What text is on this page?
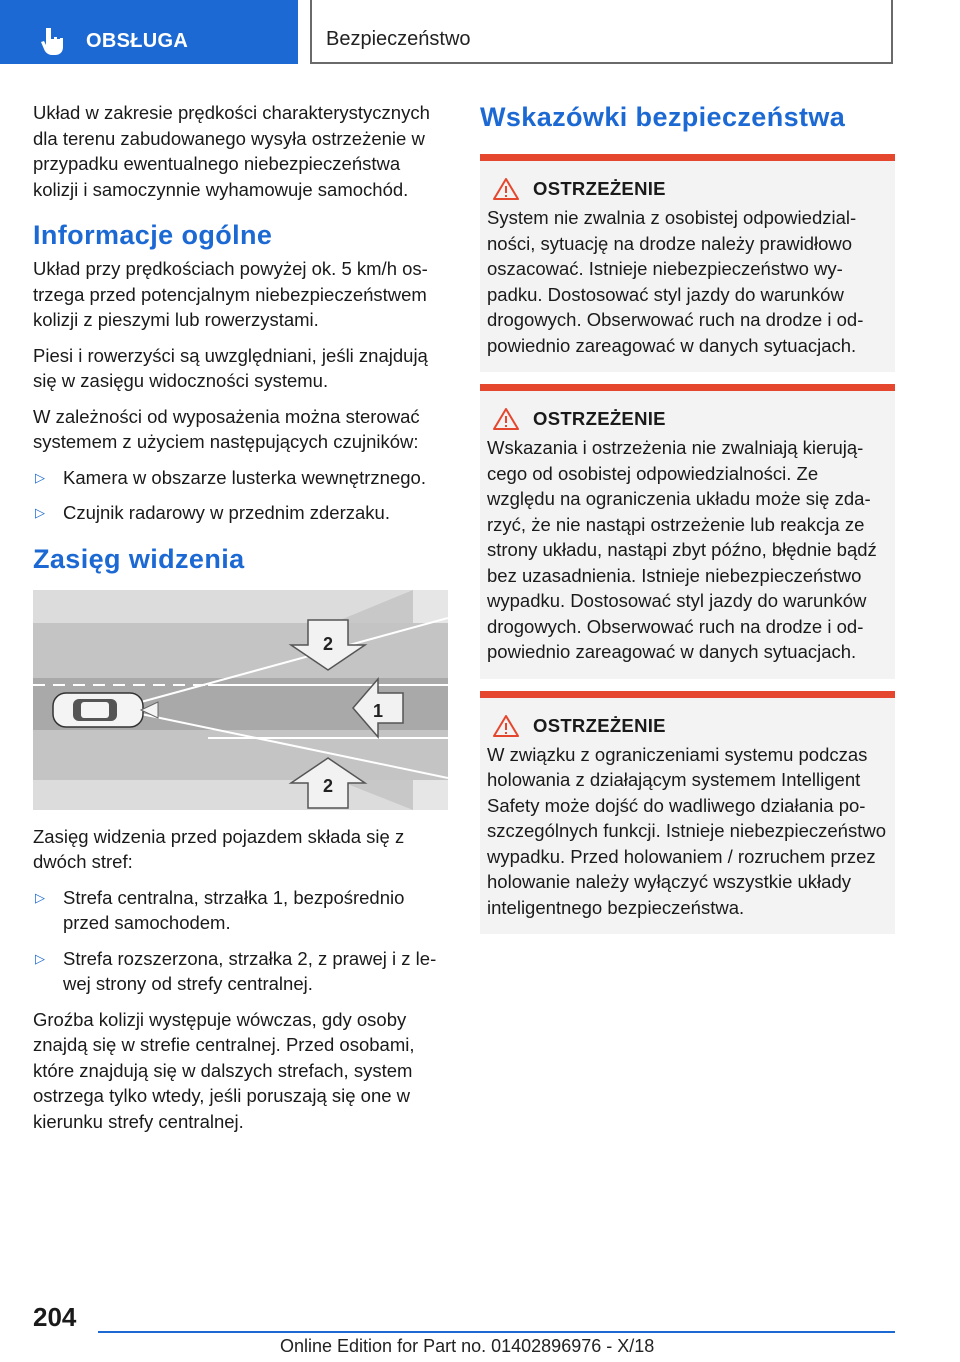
OBSŁUGA	Bezpieczeństwo

Układ w zakresie prędkości charakterystycznych dla terenu zabudowanego wysyła ostrzeżenie w przypadku ewentualnego niebezpieczeństwa kolizji i samoczynnie wyhamowuje samochód.

Informacje ogólne

Układ przy prędkościach powyżej ok. 5 km/h ostrzega przed potencjalnym niebezpieczeństwem kolizji z pieszymi lub rowerzystami.

Piesi i rowerzyści są uwzględniani, jeśli znajdują się w zasięgu widoczności systemu.

W zależności od wyposażenia można sterować systemem z użyciem następujących czujników:

▷ Kamera w obszarze lusterka wewnętrznego.
▷ Czujnik radarowy w przednim zderzaku.
Zasięg widzenia
2
1
2

Zasięg widzenia przed pojazdem składa się z dwóch stref:

▷ Strefa centralna, strzałka 1, bezpośrednio przed samochodem.
▷ Strefa rozszerzona, strzałka 2, z prawej i z lewej strony od strefy centralnej.

Groźba kolizji występuje wówczas, gdy osoby znajdą się w strefie centralnej. Przed osobami, które znajdują się w dalszych strefach, system ostrzega tylko wtedy, jeśli poruszają się one w kierunku strefy centralnej.

Wskazówki bezpieczeństwa
OSTRZEŻENIE

System nie zwalnia z osobistej odpowiedzialności, sytuację na drodze należy prawidłowo oszacować. Istnieje niebezpieczeństwo wypadku. Dostosować styl jazdy do warunków drogowych. Obserwować ruch na drodze i odpowiednio zareagować w danych sytuacjach.

OSTRZEŻENIE

Wskazania i ostrzeżenia nie zwalniają kierującego od osobistej odpowiedzialności. Ze względu na ograniczenia układu może się zdarzyć, że nie nastąpi ostrzeżenie lub reakcja ze strony układu, nastąpi zbyt późno, błędnie bądź bez uzasadnienia. Istnieje niebezpieczeństwo wypadku. Dostosować styl jazdy do warunków drogowych. Obserwować ruch na drodze i odpowiednio zareagować w danych sytuacjach.

OSTRZEŻENIE

W związku z ograniczeniami systemu podczas holowania z działającym systemem Intelligent Safety może dojść do wadliwego działania poszczególnych funkcji. Istnieje niebezpieczeństwo wypadku. Przed holowaniem / rozruchem przez holowanie należy wyłączyć wszystkie układy inteligentnego bezpieczeństwa.

204
Online Edition for Part no. 01402896976 - X/18
